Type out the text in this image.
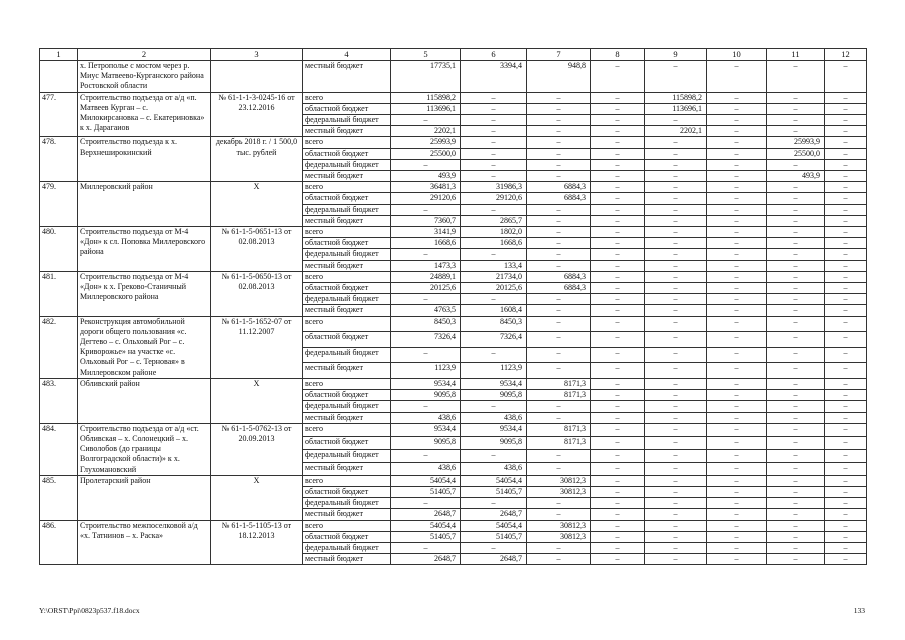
1	2	3	4	5	6	7	8	9	10	11	12
	х. Петрополье с мостом через р. Миус Матвеево-Курганского района Ростовской области		местный бюджет	17735,1	3394,4	948,8	–	–	–	–	–
477.	Строительство подъезда от а/д «п. Матвеев Курган – с. Милокирсановка – с. Екатериновка» к х. Дарагаиов	№ 61-1-1-3-0245-16 от 23.12.2016	всего	115898,2	–	–	–	115898,2	–	–	–
			областной бюджет	113696,1	–	–	–	113696,1	–	–	–
			федеральный бюджет	–	–	–	–	–	–	–	–
			местный бюджет	2202,1	–	–	–	2202,1	–	–	–
478.	Строительство подъезда к х. Верхнеширокинский	декабрь 2018 г. / 1 500,0 тыс. рублей	всего	25993,9	–	–	–	–	–	25993,9	–
			областной бюджет	25500,0	–	–	–	–	–	25500,0	–
			федеральный бюджет	–	–	–	–	–	–	–	–
			местный бюджет	493,9	–	–	–	–	–	493,9	–
479.	Миллеровский район	Х	всего	36481,3	31986,3	6884,3	–	–	–	–	–
			областной бюджет	29120,6	29120,6	6884,3	–	–	–	–	–
			федеральный бюджет	–	–	–	–	–	–	–	–
			местный бюджет	7360,7	2865,7	–	–	–	–	–	–
480.	Строительство подъезда от М-4 «Дон» к сл. Поповка Миллеровского района	№ 61-1-5-0651-13 от 02.08.2013	всего	3141,9	1802,0	–	–	–	–	–	–
			областной бюджет	1668,6	1668,6	–	–	–	–	–	–
			федеральный бюджет	–	–	–	–	–	–	–	–
			местный бюджет	1473,3	133,4	–	–	–	–	–	–
481.	Строительство подъезда от М-4 «Дон» к х. Греково-Станичный Миллеровского района	№ 61-1-5-0650-13 от 02.08.2013	всего	24889,1	21734,0	6884,3	–	–	–	–	–
			областной бюджет	20125,6	20125,6	6884,3	–	–	–	–	–
			федеральный бюджет	–	–	–	–	–	–	–	–
			местный бюджет	4763,5	1608,4	–	–	–	–	–	–
482.	Реконструкция автомобильной дороги общего пользования «с. Дегтево – с. Ольховый Рог – с. Криворожье» на участке «с. Ольховый Рог – с. Терновая» в Миллеровском районе	№ 61-1-5-1652-07 от 11.12.2007	всего	8450,3	8450,3	–	–	–	–	–	–
			областной бюджет	7326,4	7326,4	–	–	–	–	–	–
			федеральный бюджет	–	–	–	–	–	–	–	–
			местный бюджет	1123,9	1123,9	–	–	–	–	–	–
483.	Обливский район	Х	всего	9534,4	9534,4	8171,3	–	–	–	–	–
			областной бюджет	9095,8	9095,8	8171,3	–	–	–	–	–
			федеральный бюджет	–	–	–	–	–	–	–	–
			местный бюджет	438,6	438,6	–	–	–	–	–	–
484.	Строительство подъезда от а/д «ст. Обливская – х. Солонецкий – х. Сиволобов (до границы Волгоградской области)» к х. Глухомановский	№ 61-1-5-0762-13 от 20.09.2013	всего	9534,4	9534,4	8171,3	–	–	–	–	–
			областной бюджет	9095,8	9095,8	8171,3	–	–	–	–	–
			федеральный бюджет	–	–	–	–	–	–	–	–
			местный бюджет	438,6	438,6	–	–	–	–	–	–
485.	Пролетарский район	Х	всего	54054,4	54054,4	30812,3	–	–	–	–	–
			областной бюджет	51405,7	51405,7	30812,3	–	–	–	–	–
			федеральный бюджет	–	–	–	–	–	–	–	–
			местный бюджет	2648,7	2648,7	–	–	–	–	–	–
486.	Строительство межпоселковой а/д «х. Татнинов – х. Раска»	№ 61-1-5-1105-13 от 18.12.2013	всего	54054,4	54054,4	30812,3	–	–	–	–	–
			областной бюджет	51405,7	51405,7	30812,3	–	–	–	–	–
			федеральный бюджет	–	–	–	–	–	–	–	–
			местный бюджет	2648,7	2648,7	–	–	–	–	–	–
Y:\ORST\Ppi\0823p537.f18.docx	133
